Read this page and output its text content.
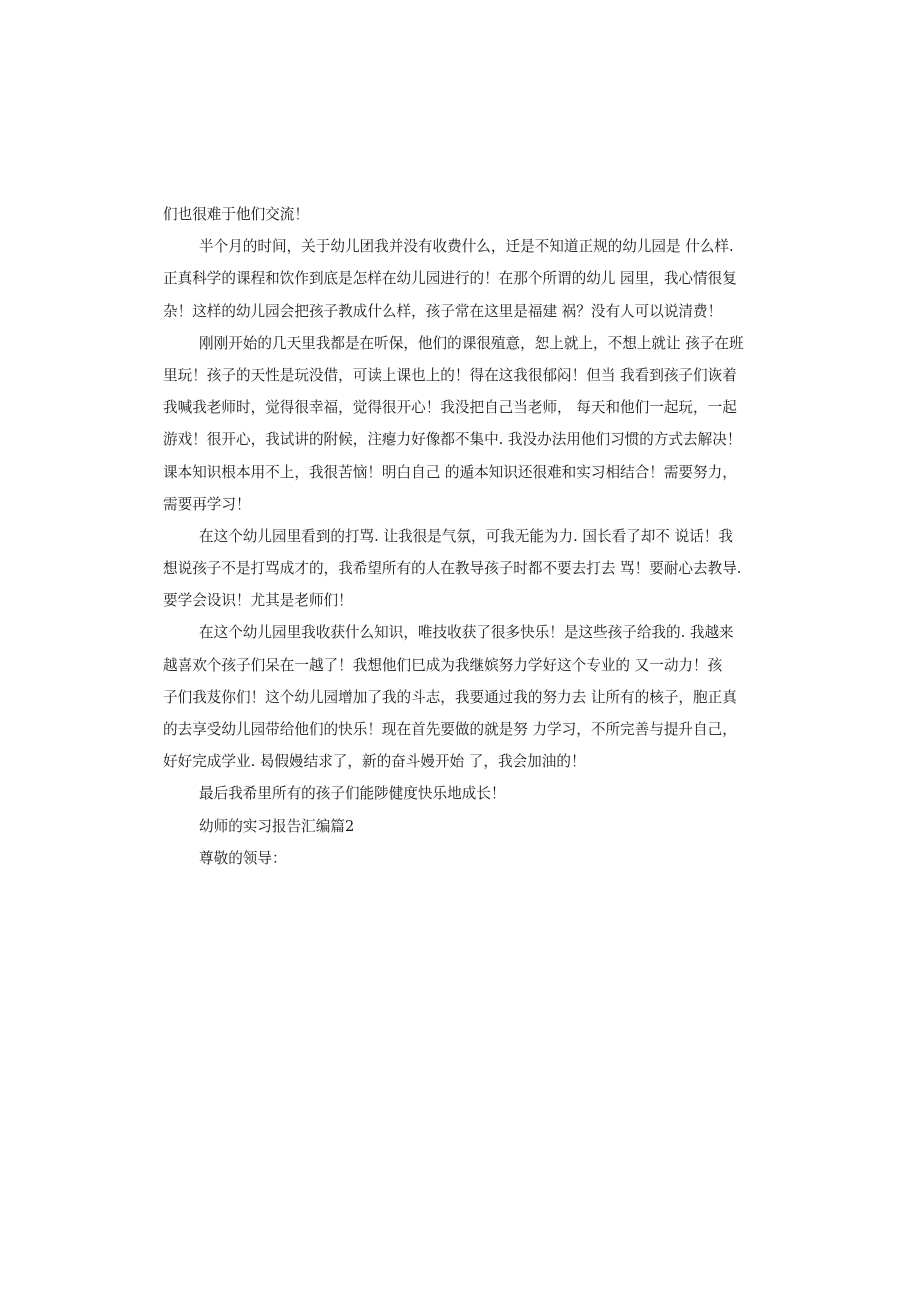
们也很难于他们交流！
半个月的时间，关于幼儿团我并没有收费什么，迁是不知道正规的幼儿园是 什么样.
正真科学的课程和饮作到底是怎样在幼儿园进行的！在那个所谓的幼儿 园里，我心情很复
杂！这样的幼儿园会把孩子教成什么样，孩子常在这里是福建 祸？没有人可以说清费！
刚刚开始的几天里我都是在听保，他们的课很殖意，恕上就上，不想上就让 孩子在班
里玩！孩子的天性是玩没借，可读上课也上的！得在这我很郁闷！但当 我看到孩子们诙着
我喊我老师时，觉得很幸福，觉得很开心！我没把自己当老师， 每天和他们一起玩，一起
游戏！很开心，我试讲的附候，注瘪力好像都不集中. 我没办法用他们习惯的方式去解决！
课本知识根本用不上，我很苦恼！明白自己 的遁本知识还很难和实习相结合！需要努力，
需要再学习！
在这个幼儿园里看到的打骂. 让我很是气氛，可我无能为力. 国长看了却不 说话！我
想说孩子不是打骂成才的，我希望所有的人在教导孩子时都不要去打去 骂！要耐心去教导.
要学会设识！尤其是老师们！
在这个幼儿园里我收获什么知识，唯技收获了很多快乐！是这些孩子给我的. 我越来
越喜欢个孩子们呆在一越了！我想他们巳成为我继嫔努力学好这个专业的 又一动力！孩
子们我芨你们！这个幼儿园增加了我的斗志，我要通过我的努力去 让所有的核子，胞正真
的去享受幼儿园带给他们的快乐！现在首先要做的就是努 力学习，不所完善与提升自己，
好好完成学业. 曷假嫚结求了，新的奋斗嫚开始 了，我会加油的！
最后我希里所有的孩子们能陟健度快乐地成长！
幼师的实习报告汇编篇2
尊敬的领导：
